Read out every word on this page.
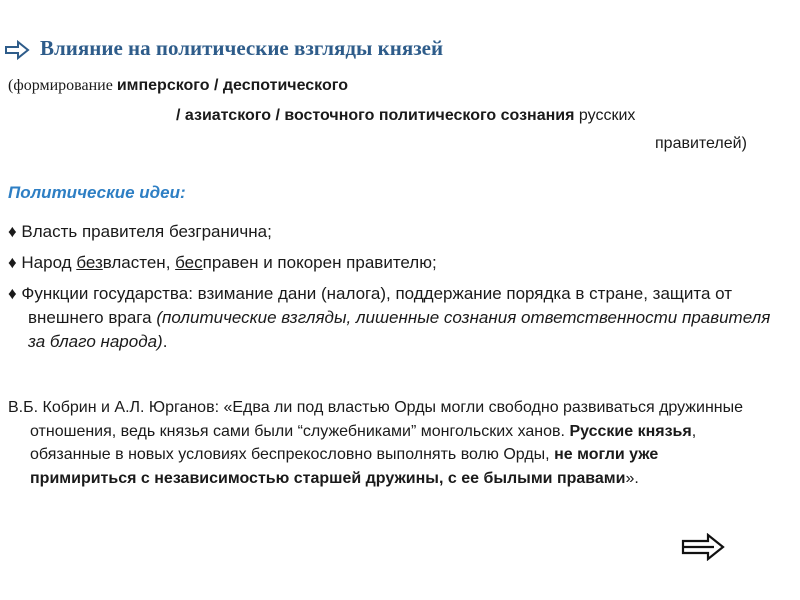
Влияние на политические взгляды князей
(формирование имперского / деспотического
/ азиатского / восточного политического сознания русских
правителей)
Политические идеи:
♦ Власть правителя безгранична;
♦ Народ безвластен, бесправен и покорен правителю;
♦ Функции государства: взимание дани (налога), поддержание порядка в стране, защита от внешнего врага (политические взгляды, лишенные сознания ответственности правителя за благо народа).
В.Б. Кобрин и А.Л. Юрганов: «Едва ли под властью Орды могли свободно развиваться дружинные отношения, ведь князья сами были “служебниками” монгольских ханов. Русские князья, обязанные в новых условиях беспрекословно выполнять волю Орды, не могли уже примириться с независимостью старшей дружины, с ее былыми правами».
